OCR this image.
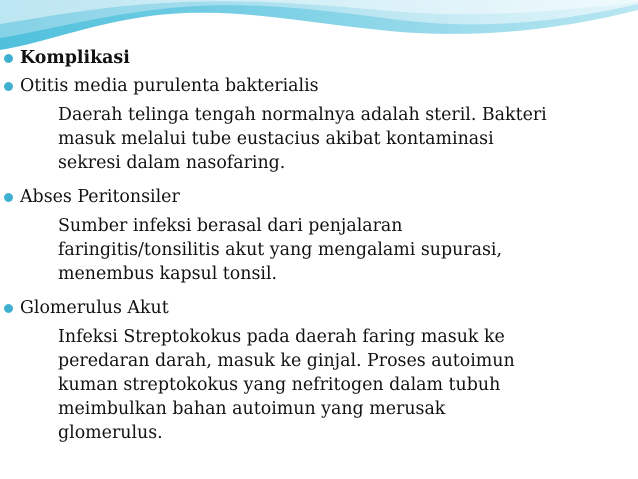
Komplikasi
Otitis media purulenta bakterialis
Daerah telinga tengah normalnya adalah steril. Bakteri
masuk melalui tube eustacius akibat kontaminasi
sekresi dalam nasofaring.
Abses Peritonsiler
Sumber infeksi berasal dari penjalaran
faringitis/tonsilitis akut yang mengalami supurasi,
menembus kapsul tonsil.
Glomerulus Akut
Infeksi Streptokokus pada daerah faring masuk ke
peredaran darah, masuk ke ginjal. Proses autoimun
kuman streptokokus yang nefritogen dalam tubuh
meimbulkan bahan autoimun yang merusak
glomerulus.
